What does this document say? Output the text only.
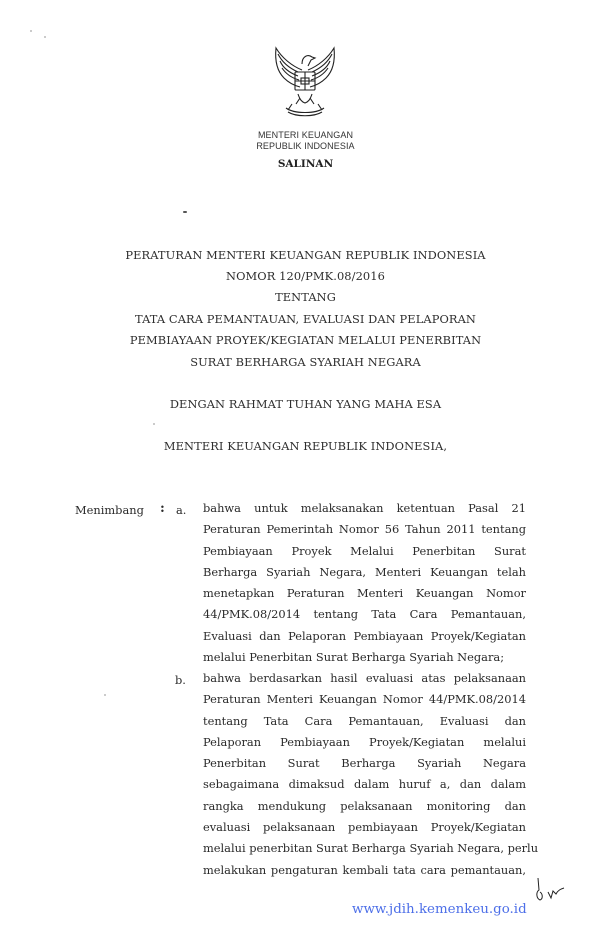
MENTERI KEUANGAN
REPUBLIK INDONESIA
SALINAN
PERATURAN MENTERI KEUANGAN REPUBLIK INDONESIA
NOMOR 120/PMK.08/2016
TENTANG
TATA CARA PEMANTAUAN, EVALUASI DAN PELAPORAN
PEMBIAYAAN PROYEK/KEGIATAN MELALUI PENERBITAN
SURAT BERHARGA SYARIAH NEGARA
DENGAN RAHMAT TUHAN YANG MAHA ESA
MENTERI KEUANGAN REPUBLIK INDONESIA,
Menimbang : a. bahwa untuk melaksanakan ketentuan Pasal 21
Peraturan Pemerintah Nomor 56 Tahun 2011 tentang
Pembiayaan Proyek Melalui Penerbitan Surat
Berharga Syariah Negara, Menteri Keuangan telah
menetapkan Peraturan Menteri Keuangan Nomor
44/PMK.08/2014 tentang Tata Cara Pemantauan,
Evaluasi dan Pelaporan Pembiayaan Proyek/Kegiatan
melalui Penerbitan Surat Berharga Syariah Negara;
b. bahwa berdasarkan hasil evaluasi atas pelaksanaan
Peraturan Menteri Keuangan Nomor 44/PMK.08/2014
tentang Tata Cara Pemantauan, Evaluasi dan
Pelaporan Pembiayaan Proyek/Kegiatan melalui
Penerbitan Surat Berharga Syariah Negara
sebagaimana dimaksud dalam huruf a, dan dalam
rangka mendukung pelaksanaan monitoring dan
evaluasi pelaksanaan pembiayaan Proyek/Kegiatan
melalui penerbitan Surat Berharga Syariah Negara, perlu
melakukan pengaturan kembali tata cara pemantauan,
www.jdih.kemenkeu.go.id
